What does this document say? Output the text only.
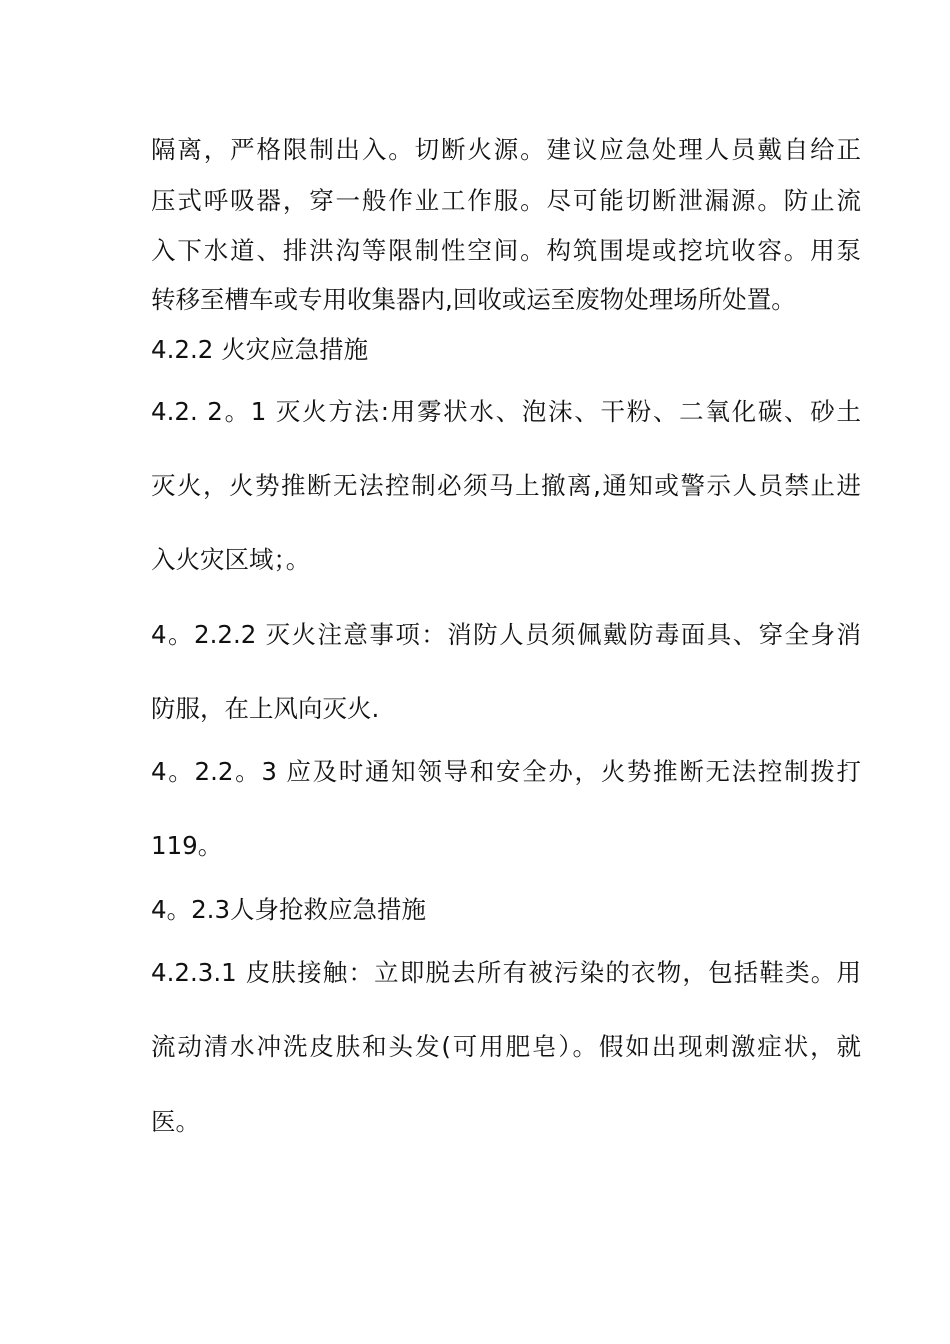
隔离，严格限制出入。切断火源。建议应急处理人员戴自给正
压式呼吸器，穿一般作业工作服。尽可能切断泄漏源。防止流
入下水道、排洪沟等限制性空间。构筑围堤或挖坑收容。用泵
转移至槽车或专用收集器内,回收或运至废物处理场所处置。
4.2.2 火灾应急措施
4.2. 2。1 灭火方法:用雾状水、泡沫、干粉、二氧化碳、砂土
灭火，火势推断无法控制必须马上撤离,通知或警示人员禁止进
入火灾区域；。
4。2.2.2 灭火注意事项：消防人员须佩戴防毒面具、穿全身消
防服，在上风向灭火.
4。2.2。3 应及时通知领导和安全办，火势推断无法控制拨打
119。
4。2.3人身抢救应急措施
4.2.3.1 皮肤接触：立即脱去所有被污染的衣物，包括鞋类。用
流动清水冲洗皮肤和头发(可用肥皂）。假如出现刺激症状，就
医。
